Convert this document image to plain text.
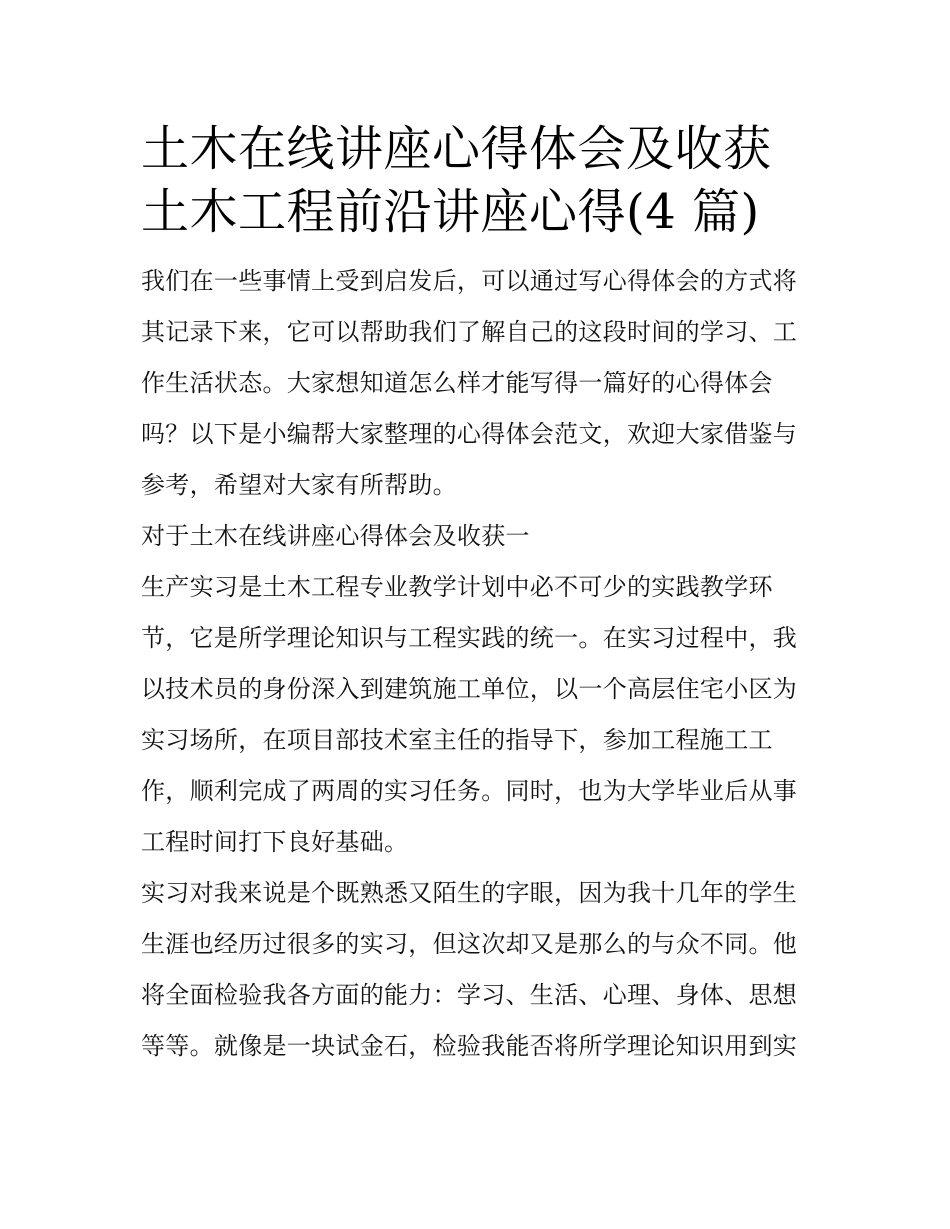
土木在线讲座心得体会及收获
土木工程前沿讲座心得(4 篇)

我们在一些事情上受到启发后，可以通过写心得体会的方式将
其记录下来，它可以帮助我们了解自己的这段时间的学习、工
作生活状态。大家想知道怎么样才能写得一篇好的心得体会
吗？以下是小编帮大家整理的心得体会范文，欢迎大家借鉴与
参考，希望对大家有所帮助。

对于土木在线讲座心得体会及收获一

生产实习是土木工程专业教学计划中必不可少的实践教学环
节，它是所学理论知识与工程实践的统一。在实习过程中，我
以技术员的身份深入到建筑施工单位，以一个高层住宅小区为
实习场所，在项目部技术室主任的指导下，参加工程施工工
作，顺利完成了两周的实习任务。同时，也为大学毕业后从事
工程时间打下良好基础。

实习对我来说是个既熟悉又陌生的字眼，因为我十几年的学生
生涯也经历过很多的实习，但这次却又是那么的与众不同。他
将全面检验我各方面的能力：学习、生活、心理、身体、思想
等等。就像是一块试金石，检验我能否将所学理论知识用到实
